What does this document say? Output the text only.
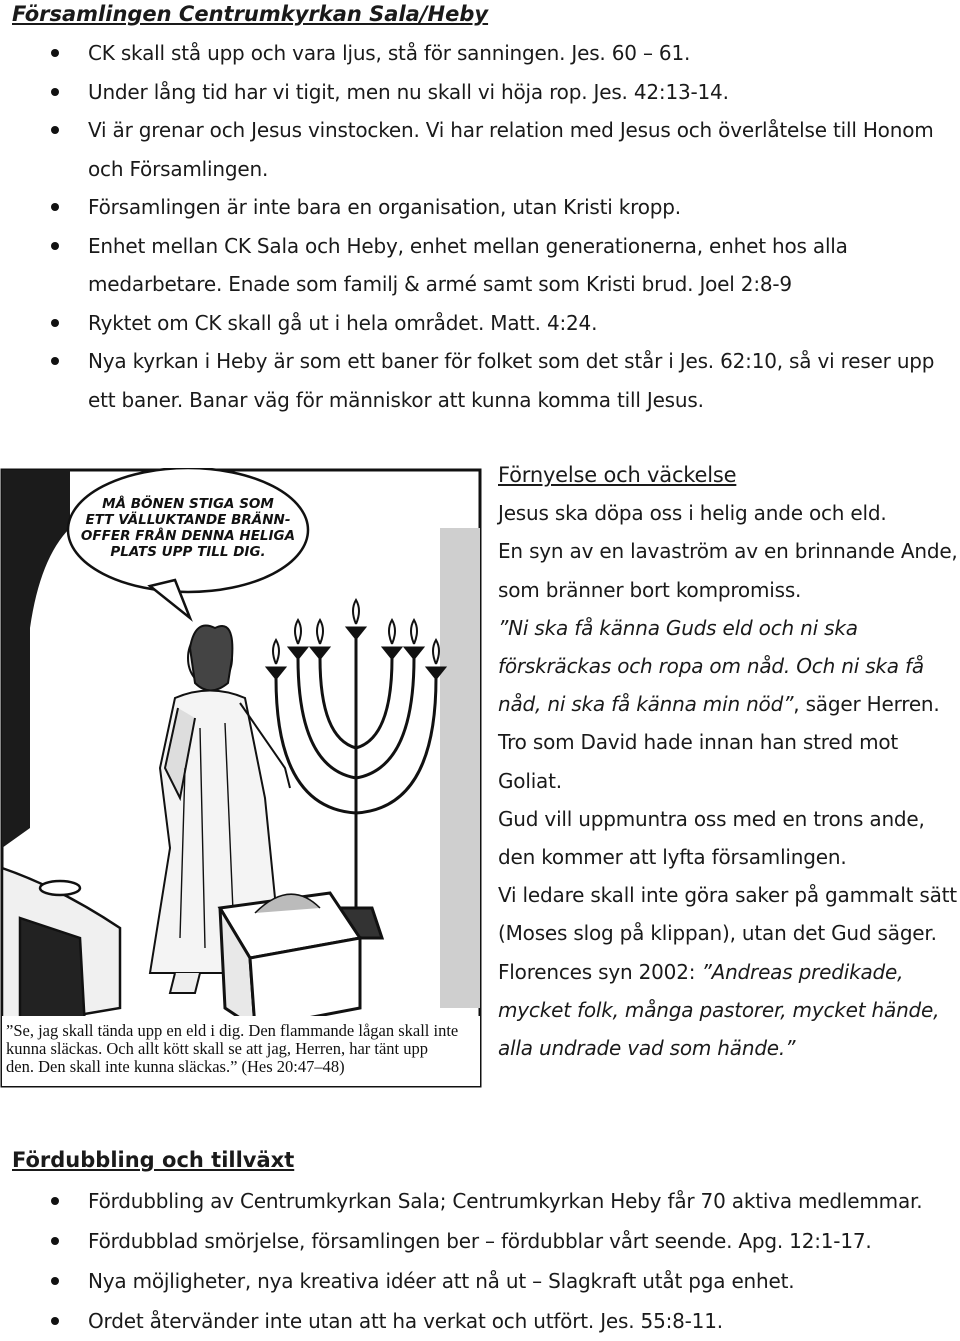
Församlingen Centrumkyrkan Sala/Heby
CK skall stå upp och vara ljus, stå för sanningen. Jes. 60 – 61.
Under lång tid har vi tigit, men nu skall vi höja rop. Jes. 42:13-14.
Vi är grenar och Jesus vinstocken. Vi har relation med Jesus och överlåtelse till Honom och Församlingen.
Församlingen är inte bara en organisation, utan Kristi kropp.
Enhet mellan CK Sala och Heby, enhet mellan generationerna, enhet hos alla medarbetare. Enade som familj & armé samt som Kristi brud. Joel 2:8-9
Ryktet om CK skall gå ut i hela området. Matt. 4:24.
Nya kyrkan i Heby är som ett baner för folket som det står i Jes. 62:10, så vi reser upp ett baner. Banar väg för människor att kunna komma till Jesus.
MÅ BÖNEN STIGA SOM
ETT VÄLLUKTANDE BRÄNN-
OFFER FRÅN DENNA HELIGA
PLATS UPP TILL DIG.
”Se, jag skall tända upp en eld i dig. Den flammande lågan skall inte
kunna släckas. Och allt kött skall se att jag, Herren, har tänt upp
den. Den skall inte kunna släckas.” (Hes 20:47–48)
Förnyelse och väckelse

Jesus ska döpa oss i helig ande och eld.

En syn av en lavaström av en brinnande Ande, som bränner bort kompromiss.

”Ni ska få känna Guds eld och ni ska förskräckas och ropa om nåd. Och ni ska få nåd, ni ska få känna min nöd”, säger Herren.

Tro som David hade innan han stred mot Goliat.

Gud vill uppmuntra oss med en trons ande, den kommer att lyfta församlingen.

Vi ledare skall inte göra saker på gammalt sätt (Moses slog på klippan), utan det Gud säger.

Florences syn 2002: ”Andreas predikade, mycket folk, många pastorer, mycket hände, alla undrade vad som hände.”

Fördubbling och tillväxt
Fördubbling av Centrumkyrkan Sala; Centrumkyrkan Heby får 70 aktiva medlemmar.
Fördubblad smörjelse, församlingen ber – fördubblar vårt seende. Apg. 12:1-17.
Nya möjligheter, nya kreativa idéer att nå ut – Slagkraft utåt pga enhet.
Ordet återvänder inte utan att ha verkat och utfört. Jes. 55:8-11.
